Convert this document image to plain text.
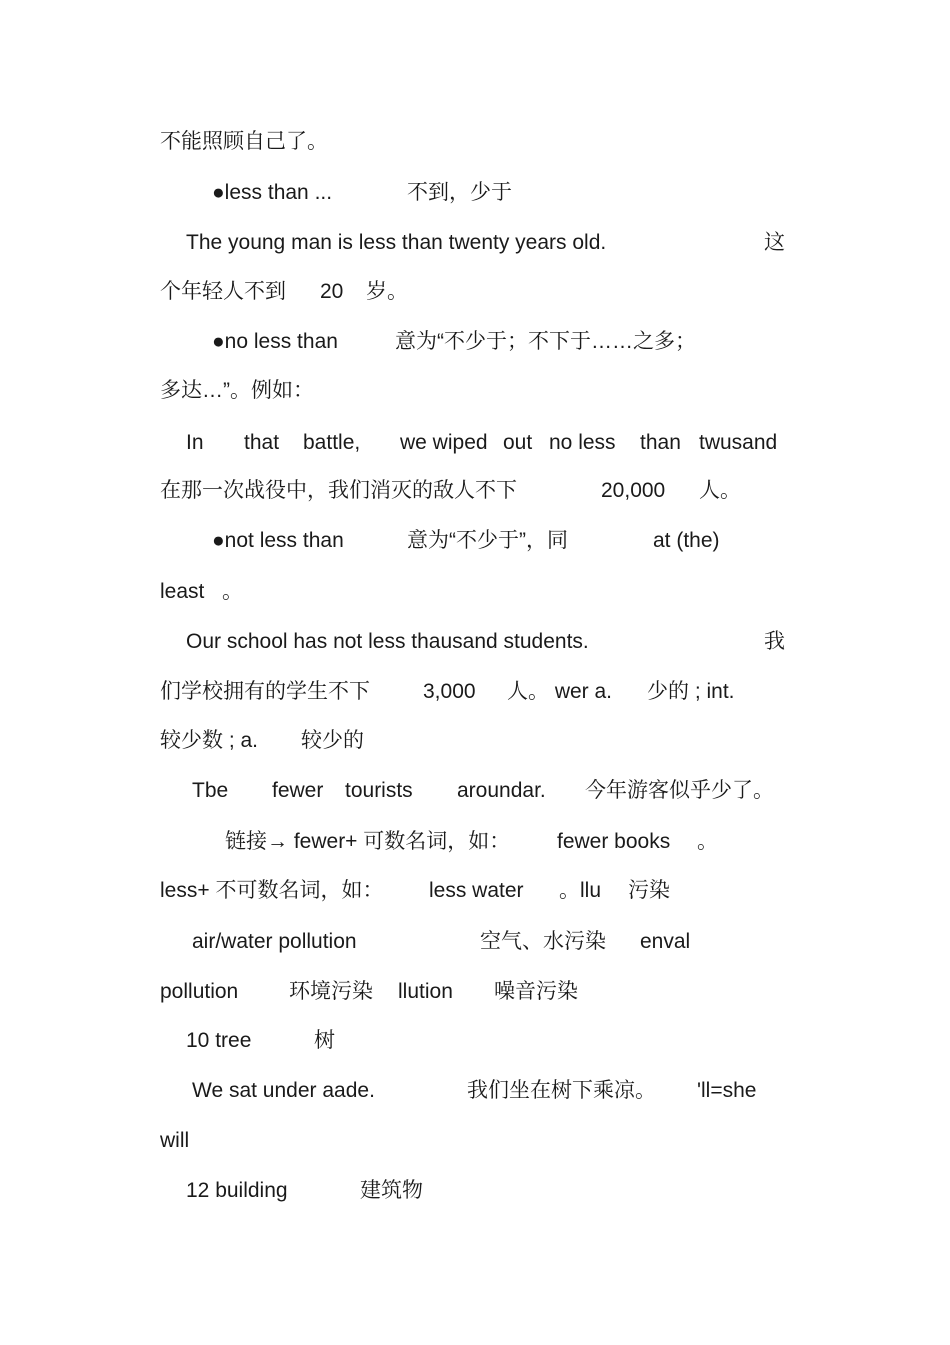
不能照顾自己了。
●less than ...	不到，少于
The young man is less than twenty years old.	这
个年轻人不到 20 岁。
●no less than	意为“不少于；不下于……之多；
多达…”。例如：
In that battle, we wiped out no less than twusand
在那一次战役中，我们消灭的敌人不下	20,000 人。
●not less than	意为“不少于”，同	at (the)
least 。
Our school has not less thausand students.	我
们学校拥有的学生不下	3,000 人。 wer a. 少的 ; int.
较少数 ; a. 较少的
Tbe fewer tourists aroundar. 今年游客似乎少了。
链接→ fewer+ 可数名词，如： fewer books 。
less+ 不可数名词，如： less water 。llu 污染
air/water pollution	空气、水污染 enval
pollution 环境污染 llution 噪音污染
10 tree	树
We sat under aade.	我们坐在树下乘凉。 'll=she
will
12 building	建筑物
